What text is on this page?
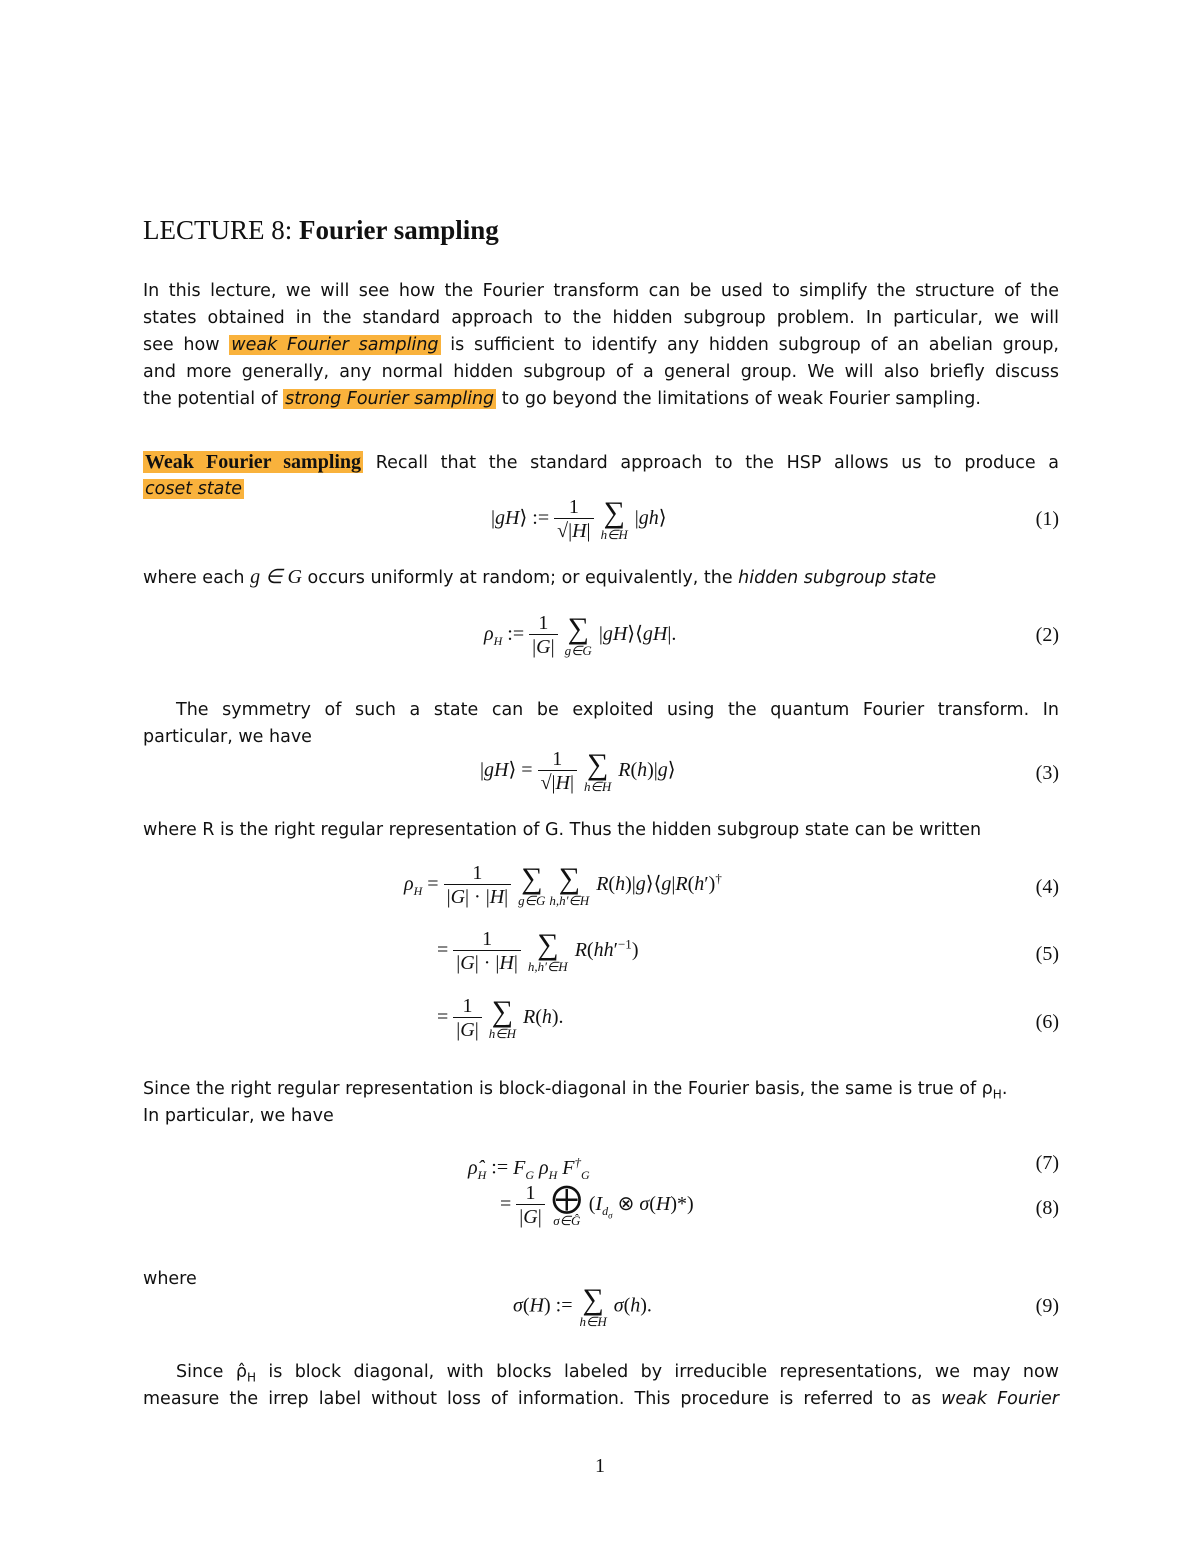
LECTURE 8: Fourier sampling
In this lecture, we will see how the Fourier transform can be used to simplify the structure of the
states obtained in the standard approach to the hidden subgroup problem. In particular, we will
see how weak Fourier sampling is sufficient to identify any hidden subgroup of an abelian group,
and more generally, any normal hidden subgroup of a general group. We will also briefly discuss
the potential of strong Fourier sampling to go beyond the limitations of weak Fourier sampling.
Weak Fourier sampling Recall that the standard approach to the HSP allows us to produce a
coset state
|gH⟩ := $\frac{1}{√|H|}$
∑
h∈H
|gh⟩	(1)
where each g ∈ G occurs uniformly at random; or equivalently, the hidden subgroup state
$\rho_H$ := $\frac{1}{|G|}$
∑
g∈G
|gH⟩⟨gH|.	(2)
The symmetry of such a state can be exploited using the quantum Fourier transform. In
particular, we have
|gH⟩ = $\frac{1}{√|H|}$
∑
h∈H
R(h)|g⟩	(3)
where R is the right regular representation of G. Thus the hidden subgroup state can be written
$\rho_H = \frac{1}{|G| \cdot |H|}$
∑
g∈G
∑
h,h′∈H
R(h)|g⟩⟨g|R(h′)†	(4)
= $\frac{1}{|G| \cdot |H|}$
∑
h,h′∈H
$R(hh'^{-1})$	(5)
= $\frac{1}{|G|}$
∑
h∈H
R(h).	(6)
Since the right regular representation is block-diagonal in the Fourier basis, the same is true of $\rho_H$.
In particular, we have
$\rhô_H$ := $F_G$ $\rho_H$ $F^\dagger_G$
(7)
= $\frac{1}{|G|}$
⨁
σ∈Ĝ
($I_{d_\sigma}$ ⊗ σ(H)*)	(8)
where
σ(H) := ∑
h∈H
σ(h).	(9)
Since $\rhô_H$ is block diagonal, with blocks labeled by irreducible representations, we may now
measure the irrep label without loss of information. This procedure is referred to as weak Fourier
1
